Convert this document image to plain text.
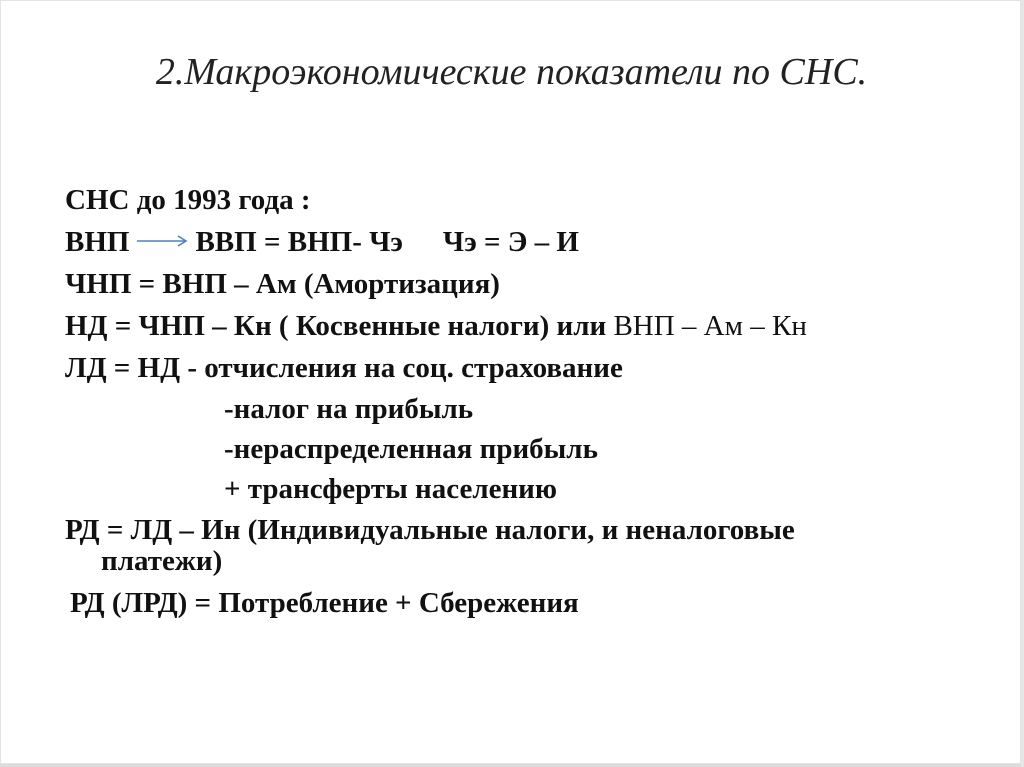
2.Макроэкономические показатели по СНС.
СНС до 1993 года :
ВНП ВВП = ВНП- Чэ Чэ = Э – И
ЧНП = ВНП – Ам (Амортизация)
НД = ЧНП – Кн ( Косвенные налоги) или ВНП – Ам – Кн
ЛД = НД - отчисления на соц. страхование
-налог на прибыль
-нераспределенная прибыль
+ трансферты населению
РД = ЛД – Ин (Индивидуальные налоги, и неналоговые
платежи)
РД (ЛРД) = Потребление + Сбережения
